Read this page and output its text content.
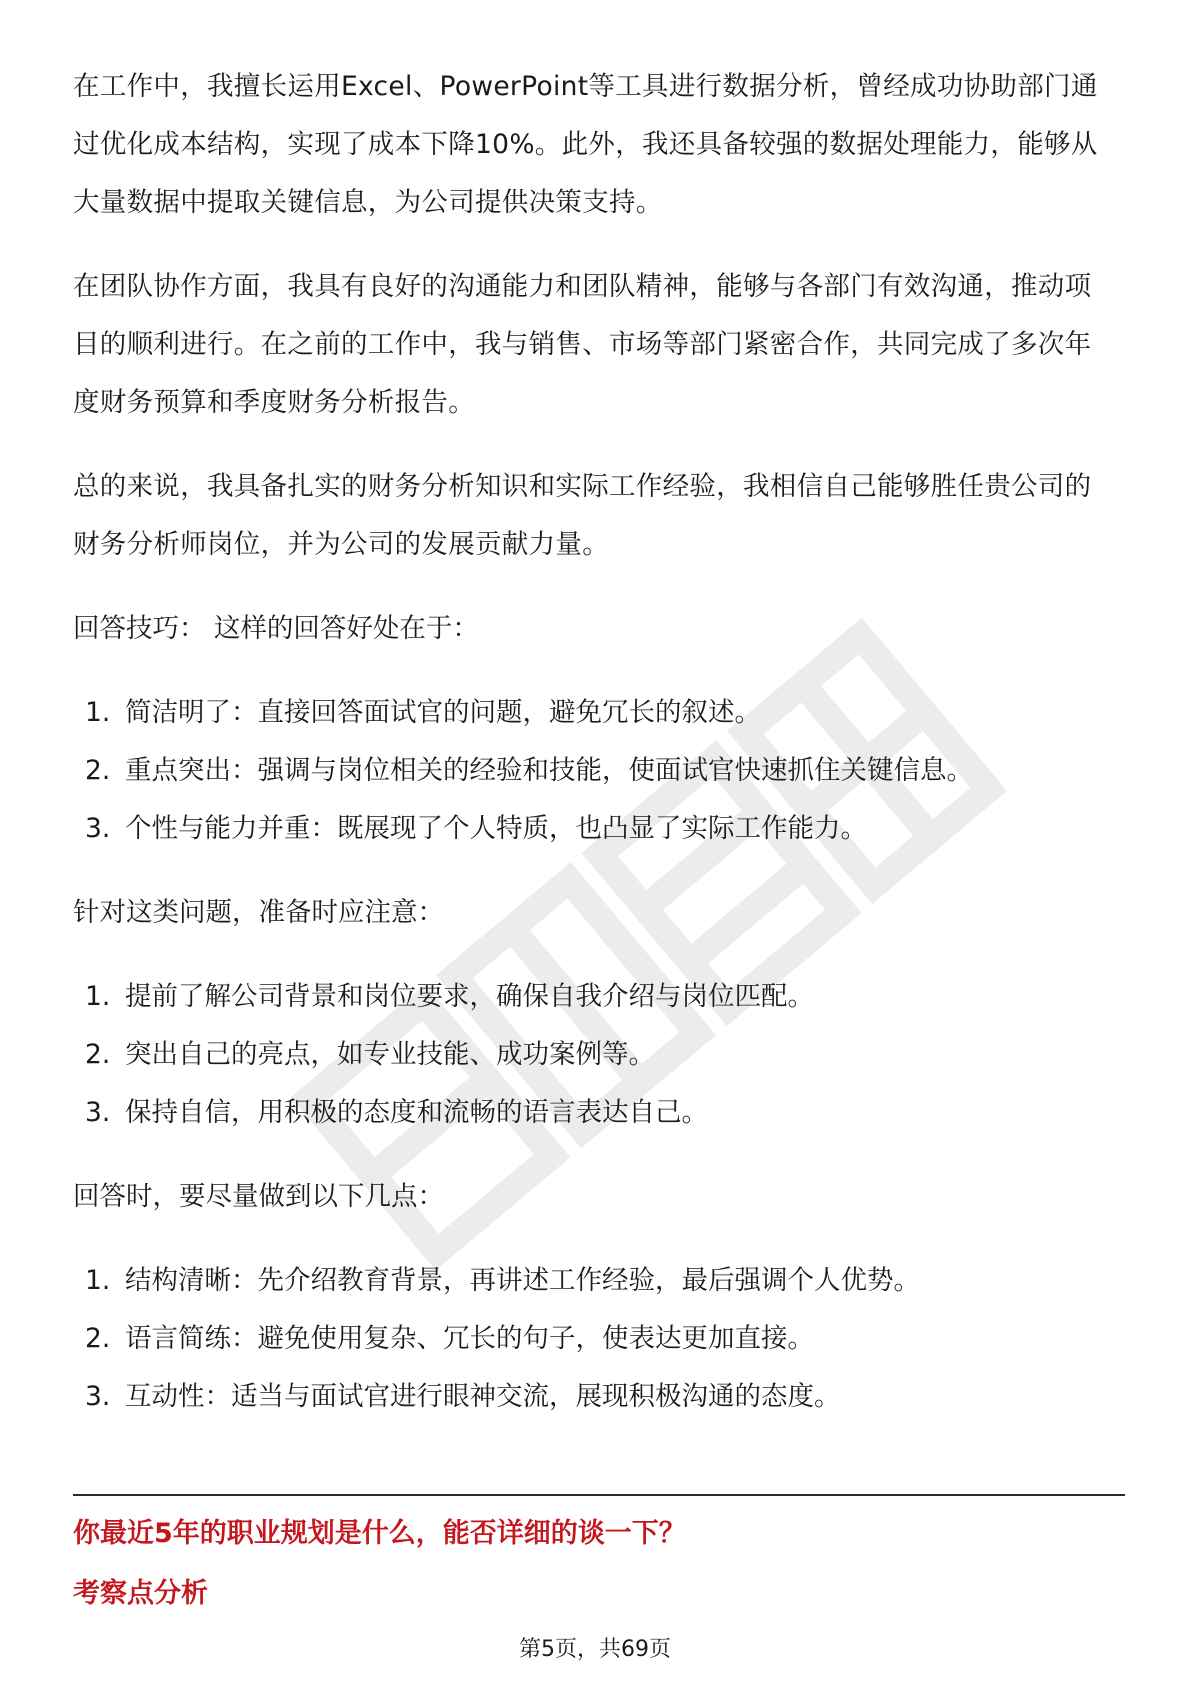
在工作中，我擅长运用Excel、PowerPoint等工具进行数据分析，曾经成功协助部门通过优化成本结构，实现了成本下降10%。此外，我还具备较强的数据处理能力，能够从大量数据中提取关键信息，为公司提供决策支持。

在团队协作方面，我具有良好的沟通能力和团队精神，能够与各部门有效沟通，推动项目的顺利进行。在之前的工作中，我与销售、市场等部门紧密合作，共同完成了多次年度财务预算和季度财务分析报告。

总的来说，我具备扎实的财务分析知识和实际工作经验，我相信自己能够胜任贵公司的财务分析师岗位，并为公司的发展贡献力量。

回答技巧： 这样的回答好处在于：

1. 简洁明了：直接回答面试官的问题，避免冗长的叙述。
2. 重点突出：强调与岗位相关的经验和技能，使面试官快速抓住关键信息。
3. 个性与能力并重：既展现了个人特质，也凸显了实际工作能力。

针对这类问题，准备时应注意：

1. 提前了解公司背景和岗位要求，确保自我介绍与岗位匹配。
2. 突出自己的亮点，如专业技能、成功案例等。
3. 保持自信，用积极的态度和流畅的语言表达自己。

回答时，要尽量做到以下几点：

1. 结构清晰：先介绍教育背景，再讲述工作经验，最后强调个人优势。
2. 语言简练：避免使用复杂、冗长的句子，使表达更加直接。
3. 互动性：适当与面试官进行眼神交流，展现积极沟通的态度。
你最近5年的职业规划是什么，能否详细的谈一下？
考察点分析
第5页，共69页
